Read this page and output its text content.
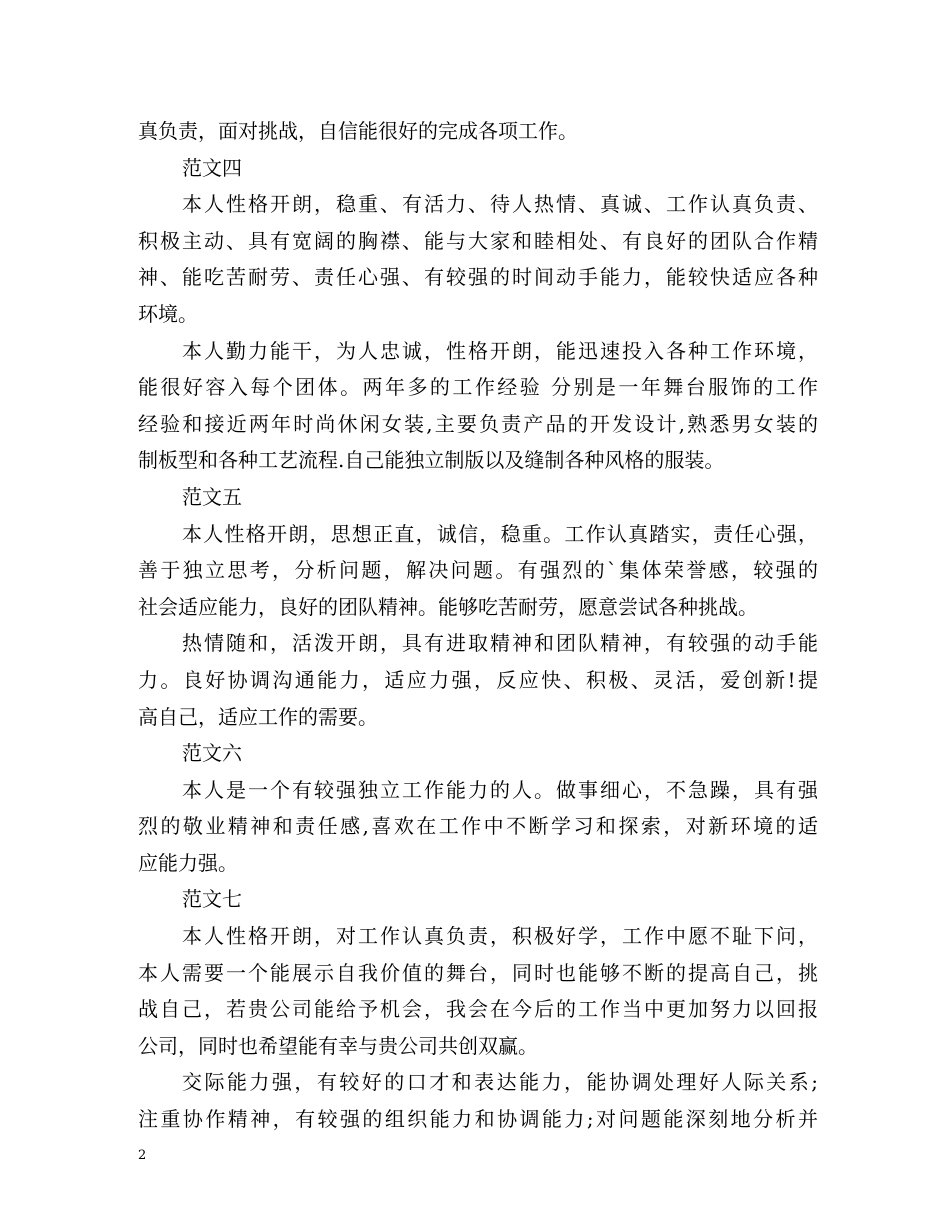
真负责，面对挑战，自信能很好的完成各项工作。
范文四
本人性格开朗，稳重、有活力、待人热情、真诚、工作认真负责、
积极主动、具有宽阔的胸襟、能与大家和睦相处、有良好的团队合作精
神、能吃苦耐劳、责任心强、有较强的时间动手能力，能较快适应各种
环境。
本人勤力能干，为人忠诚，性格开朗，能迅速投入各种工作环境，
能很好容入每个团体。两年多的工作经验 分别是一年舞台服饰的工作
经验和接近两年时尚休闲女装,主要负责产品的开发设计,熟悉男女装的
制板型和各种工艺流程.自己能独立制版以及缝制各种风格的服装。
范文五
本人性格开朗，思想正直，诚信，稳重。工作认真踏实，责任心强，
善于独立思考，分析问题，解决问题。有强烈的`集体荣誉感，较强的
社会适应能力，良好的团队精神。能够吃苦耐劳，愿意尝试各种挑战。
热情随和，活泼开朗，具有进取精神和团队精神，有较强的动手能
力。良好协调沟通能力，适应力强，反应快、积极、灵活，爱创新!提
高自己，适应工作的需要。
范文六
本人是一个有较强独立工作能力的人。做事细心，不急躁，具有强
烈的敬业精神和责任感,喜欢在工作中不断学习和探索，对新环境的适
应能力强。
范文七
本人性格开朗，对工作认真负责，积极好学，工作中愿不耻下问，
本人需要一个能展示自我价值的舞台，同时也能够不断的提高自己，挑
战自己，若贵公司能给予机会，我会在今后的工作当中更加努力以回报
公司，同时也希望能有幸与贵公司共创双赢。
交际能力强，有较好的口才和表达能力，能协调处理好人际关系;
注重协作精神，有较强的组织能力和协调能力;对问题能深刻地分析并
2
